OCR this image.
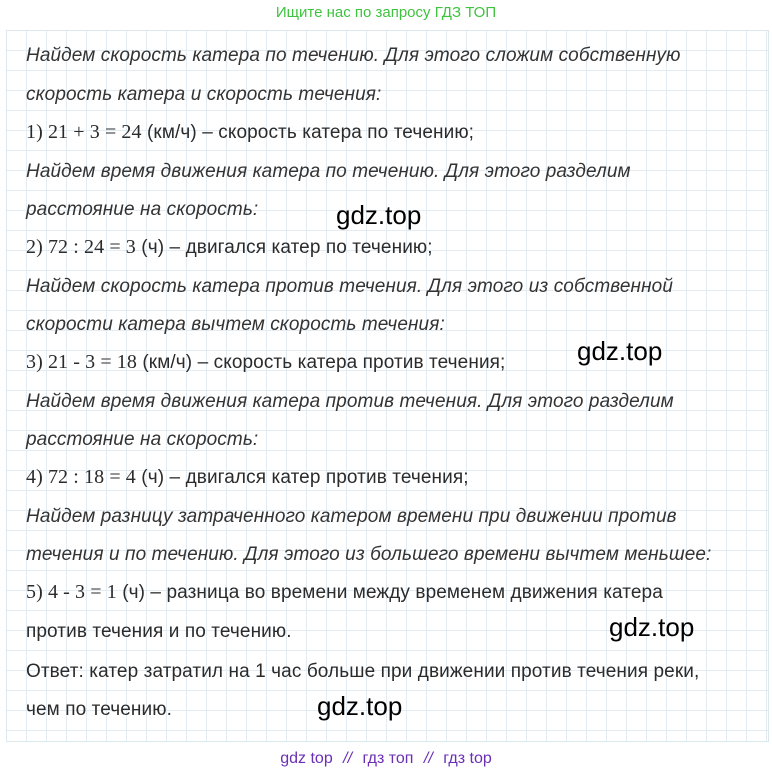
Ищите нас по запросу ГДЗ ТОП
Найдем скорость катера по течению. Для этого сложим собственную
скорость катера и скорость течения:
1) 21 + 3 = 24 (км/ч) – скорость катера по течению;
Найдем время движения катера по течению. Для этого разделим
расстояние на скорость:
2) 72 : 24 = 3 (ч) – двигался катер по течению;
Найдем скорость катера против течения. Для этого из собственной
скорости катера вычтем скорость течения:
3) 21 - 3 = 18 (км/ч) – скорость катера против течения;
Найдем время движения катера против течения. Для этого разделим
расстояние на скорость:
4) 72 : 18 = 4 (ч) – двигался катер против течения;
Найдем разницу затраченного катером времени при движении против
течения и по течению. Для этого из большего времени вычтем меньшее:
5) 4 - 3 = 1 (ч) – разница во времени между временем движения катера
против течения и по течению.
Ответ: катер затратил на 1 час больше при движении против течения реки,
чем по течению.
gdz.top
gdz.top
gdz.top
gdz.top
gdz top // гдз топ // гдз top
